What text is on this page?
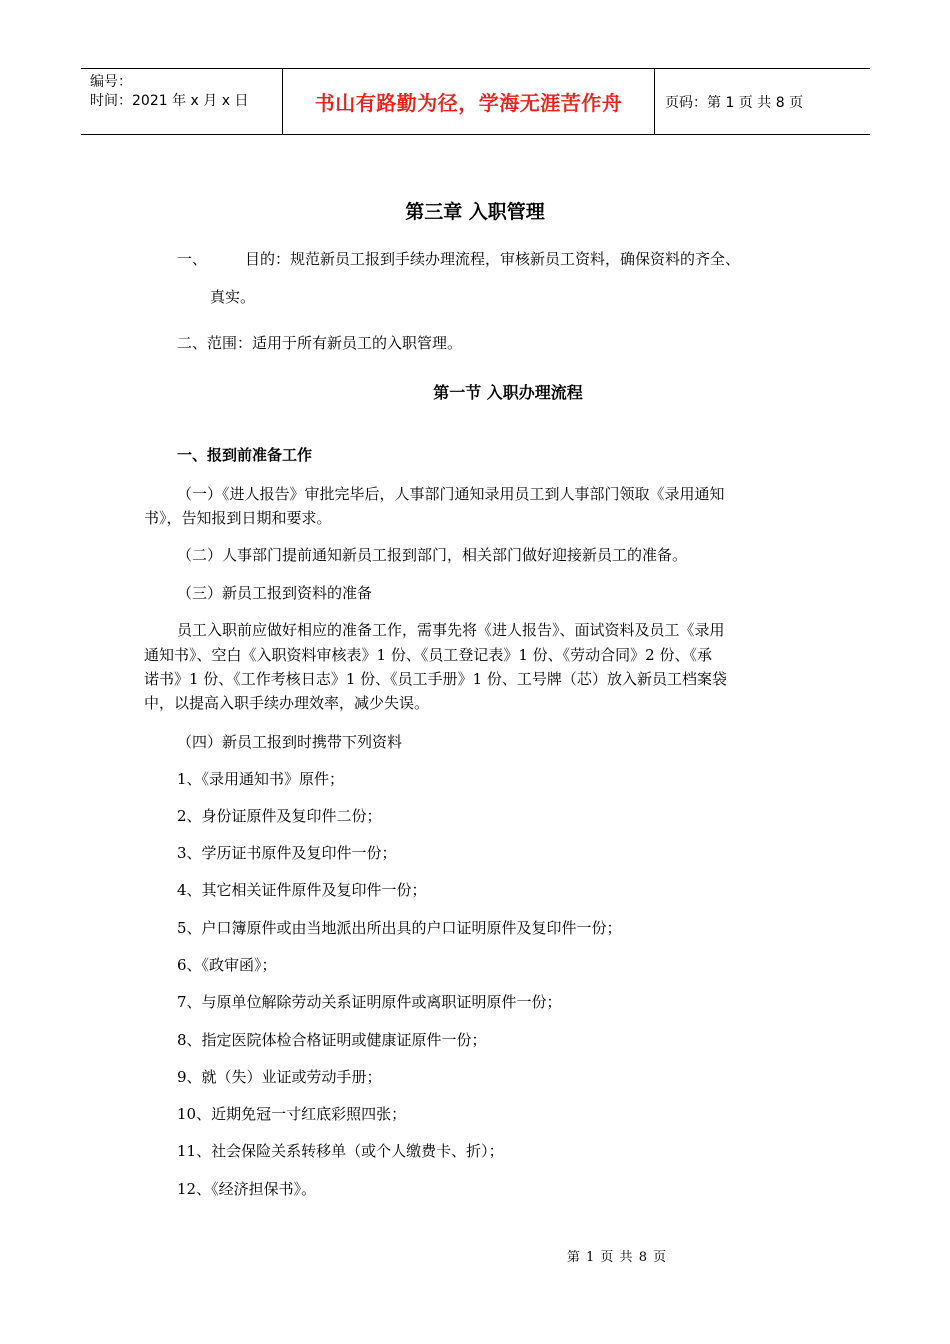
编号：
时间：2021 年 x 月 x 日	书山有路勤为径，学海无涯苦作舟	页码：第 1 页 共 8 页
第三章 入职管理
一、	目的：规范新员工报到手续办理流程，审核新员工资料，确保资料的齐全、
真实。
二、范围：适用于所有新员工的入职管理。
第一节 入职办理流程
一、报到前准备工作
（一）《进人报告》审批完毕后，人事部门通知录用员工到人事部门领取《录用通知
书》，告知报到日期和要求。
（二）人事部门提前通知新员工报到部门，相关部门做好迎接新员工的准备。
（三）新员工报到资料的准备
员工入职前应做好相应的准备工作，需事先将《进人报告》、面试资料及员工《录用
通知书》、空白《入职资料审核表》1 份、《员工登记表》1 份、《劳动合同》2 份、《承
诺书》1 份、《工作考核日志》1 份、《员工手册》1 份、工号牌（芯）放入新员工档案袋
中，以提高入职手续办理效率，减少失误。
（四）新员工报到时携带下列资料
1、《录用通知书》原件；
2、身份证原件及复印件二份；
3、学历证书原件及复印件一份；
4、其它相关证件原件及复印件一份；
5、户口簿原件或由当地派出所出具的户口证明原件及复印件一份；
6、《政审函》；
7、与原单位解除劳动关系证明原件或离职证明原件一份；
8、指定医院体检合格证明或健康证原件一份；
9、就（失）业证或劳动手册；
10、近期免冠一寸红底彩照四张；
11、社会保险关系转移单（或个人缴费卡、折）；
12、《经济担保书》。
第 1 页 共 8 页
